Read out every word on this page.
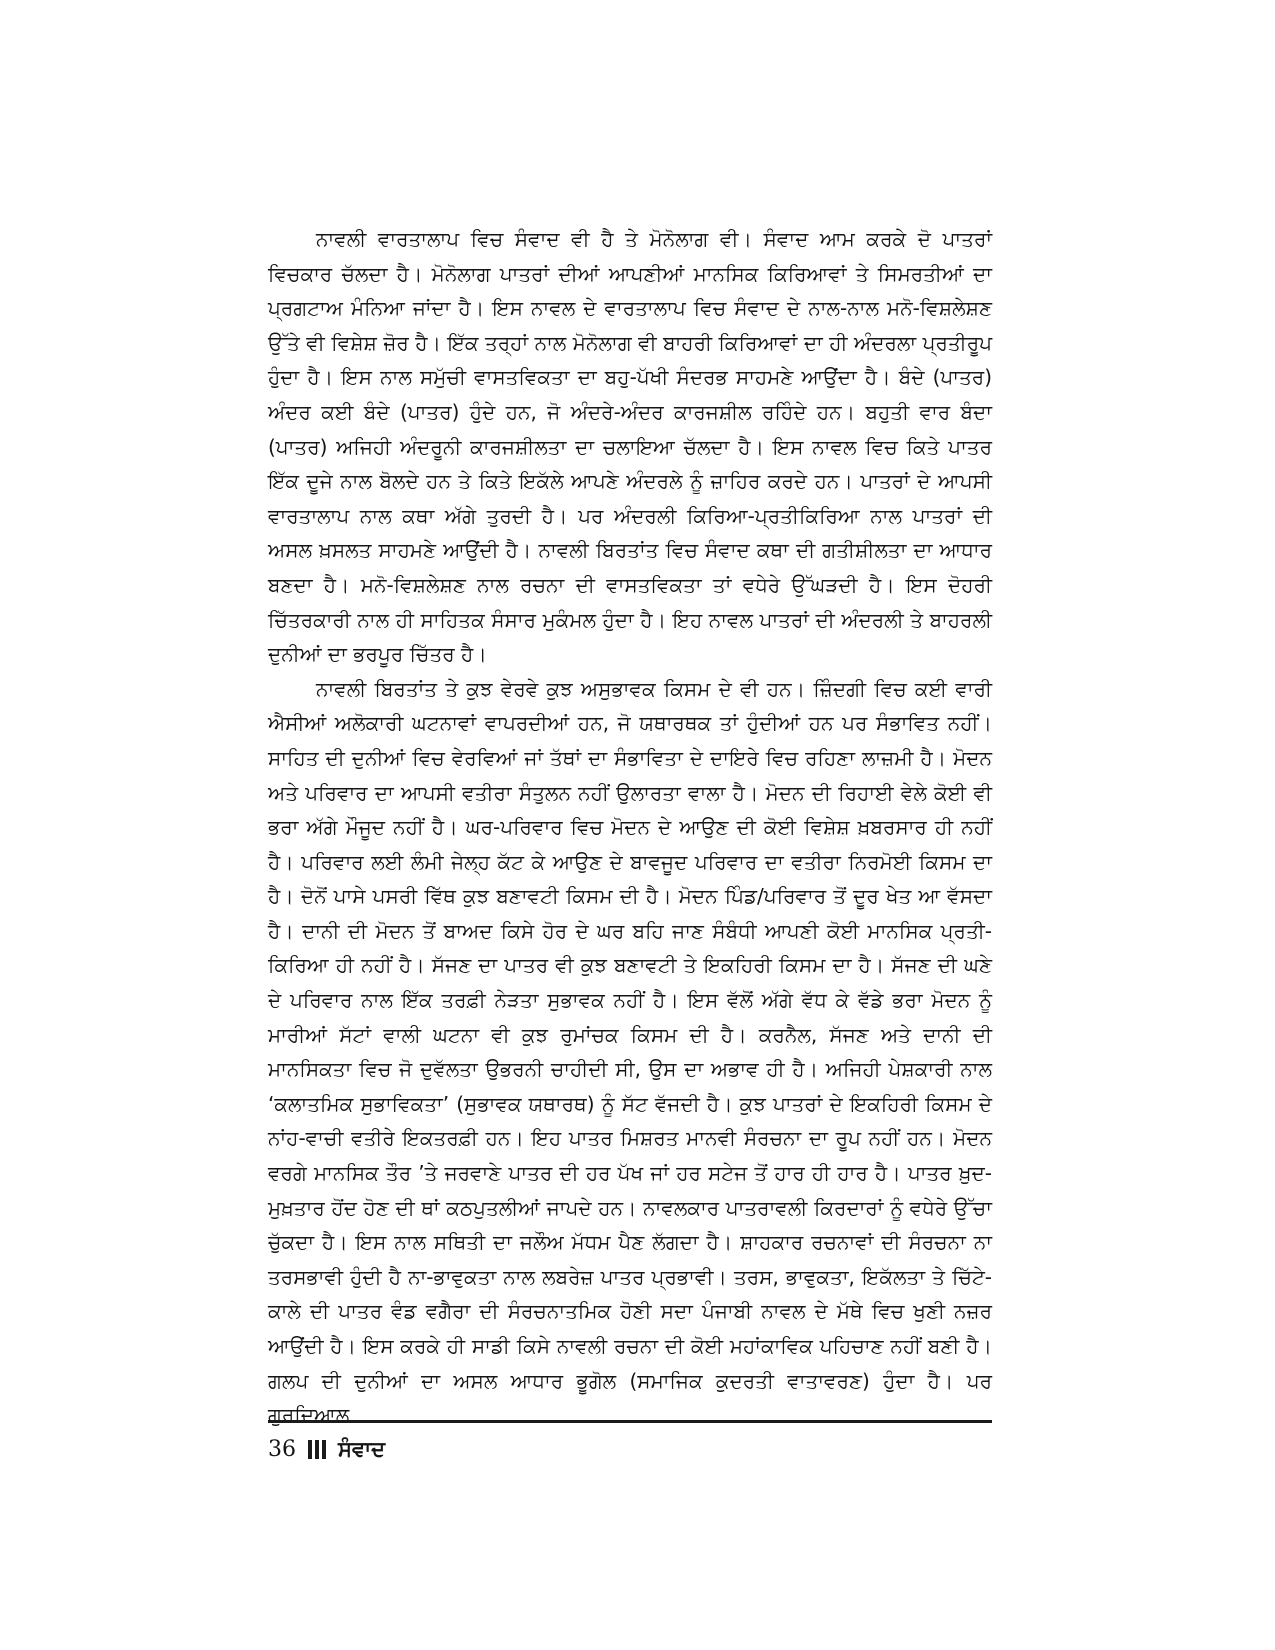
ਨਾਵਲੀ ਵਾਰਤਾਲਾਪ ਵਿਚ ਸੰਵਾਦ ਵੀ ਹੈ ਤੇ ਮੋਨੋਲਾਗ ਵੀ। ਸੰਵਾਦ ਆਮ ਕਰਕੇ ਦੋ ਪਾਤਰਾਂ ਵਿਚਕਾਰ ਚੱਲਦਾ ਹੈ। ਮੋਨੋਲਾਗ ਪਾਤਰਾਂ ਦੀਆਂ ਆਪਣੀਆਂ ਮਾਨਸਿਕ ਕਿਰਿਆਵਾਂ ਤੇ ਸਿਮਰਤੀਆਂ ਦਾ ਪ੍ਰਗਟਾਅ ਮੰਨਿਆ ਜਾਂਦਾ ਹੈ। ਇਸ ਨਾਵਲ ਦੇ ਵਾਰਤਾਲਾਪ ਵਿਚ ਸੰਵਾਦ ਦੇ ਨਾਲ-ਨਾਲ ਮਨੋ-ਵਿਸ਼ਲੇਸ਼ਣ ਉੱਤੇ ਵੀ ਵਿਸ਼ੇਸ਼ ਜ਼ੋਰ ਹੈ। ਇੱਕ ਤਰ੍ਹਾਂ ਨਾਲ ਮੋਨੋਲਾਗ ਵੀ ਬਾਹਰੀ ਕਿਰਿਆਵਾਂ ਦਾ ਹੀ ਅੰਦਰਲਾ ਪ੍ਰਤੀਰੂਪ ਹੁੰਦਾ ਹੈ। ਇਸ ਨਾਲ ਸਮੁੱਚੀ ਵਾਸਤਵਿਕਤਾ ਦਾ ਬਹੁ-ਪੱਖੀ ਸੰਦਰਭ ਸਾਹਮਣੇ ਆਉਂਦਾ ਹੈ। ਬੰਦੇ (ਪਾਤਰ) ਅੰਦਰ ਕਈ ਬੰਦੇ (ਪਾਤਰ) ਹੁੰਦੇ ਹਨ, ਜੋ ਅੰਦਰੇ-ਅੰਦਰ ਕਾਰਜਸ਼ੀਲ ਰਹਿੰਦੇ ਹਨ। ਬਹੁਤੀ ਵਾਰ ਬੰਦਾ (ਪਾਤਰ) ਅਜਿਹੀ ਅੰਦਰੂਨੀ ਕਾਰਜਸ਼ੀਲਤਾ ਦਾ ਚਲਾਇਆ ਚੱਲਦਾ ਹੈ। ਇਸ ਨਾਵਲ ਵਿਚ ਕਿਤੇ ਪਾਤਰ ਇੱਕ ਦੂਜੇ ਨਾਲ ਬੋਲਦੇ ਹਨ ਤੇ ਕਿਤੇ ਇਕੱਲੇ ਆਪਣੇ ਅੰਦਰਲੇ ਨੂੰ ਜ਼ਾਹਿਰ ਕਰਦੇ ਹਨ। ਪਾਤਰਾਂ ਦੇ ਆਪਸੀ ਵਾਰਤਾਲਾਪ ਨਾਲ ਕਥਾ ਅੱਗੇ ਤੁਰਦੀ ਹੈ। ਪਰ ਅੰਦਰਲੀ ਕਿਰਿਆ-ਪ੍ਰਤੀਕਿਰਿਆ ਨਾਲ ਪਾਤਰਾਂ ਦੀ ਅਸਲ ਖ਼ਸਲਤ ਸਾਹਮਣੇ ਆਉਂਦੀ ਹੈ। ਨਾਵਲੀ ਬਿਰਤਾਂਤ ਵਿਚ ਸੰਵਾਦ ਕਥਾ ਦੀ ਗਤੀਸ਼ੀਲਤਾ ਦਾ ਆਧਾਰ ਬਣਦਾ ਹੈ। ਮਨੋ-ਵਿਸ਼ਲੇਸ਼ਣ ਨਾਲ ਰਚਨਾ ਦੀ ਵਾਸਤਵਿਕਤਾ ਤਾਂ ਵਧੇਰੇ ਉੱਘੜਦੀ ਹੈ। ਇਸ ਦੋਹਰੀ ਚਿੱਤਰਕਾਰੀ ਨਾਲ ਹੀ ਸਾਹਿਤਕ ਸੰਸਾਰ ਮੁਕੰਮਲ ਹੁੰਦਾ ਹੈ। ਇਹ ਨਾਵਲ ਪਾਤਰਾਂ ਦੀ ਅੰਦਰਲੀ ਤੇ ਬਾਹਰਲੀ ਦੁਨੀਆਂ ਦਾ ਭਰਪੂਰ ਚਿੱਤਰ ਹੈ।

ਨਾਵਲੀ ਬਿਰਤਾਂਤ ਤੇ ਕੁਝ ਵੇਰਵੇ ਕੁਝ ਅਸੁਭਾਵਕ ਕਿਸਮ ਦੇ ਵੀ ਹਨ। ਜ਼ਿੰਦਗੀ ਵਿਚ ਕਈ ਵਾਰੀ ਐਸੀਆਂ ਅਲੋਕਾਰੀ ਘਟਨਾਵਾਂ ਵਾਪਰਦੀਆਂ ਹਨ, ਜੋ ਯਥਾਰਥਕ ਤਾਂ ਹੁੰਦੀਆਂ ਹਨ ਪਰ ਸੰਭਾਵਿਤ ਨਹੀਂ। ਸਾਹਿਤ ਦੀ ਦੁਨੀਆਂ ਵਿਚ ਵੇਰਵਿਆਂ ਜਾਂ ਤੱਥਾਂ ਦਾ ਸੰਭਾਵਿਤਾ ਦੇ ਦਾਇਰੇ ਵਿਚ ਰਹਿਣਾ ਲਾਜ਼ਮੀ ਹੈ। ਮੋਦਨ ਅਤੇ ਪਰਿਵਾਰ ਦਾ ਆਪਸੀ ਵਤੀਰਾ ਸੰਤੁਲਨ ਨਹੀਂ ਉਲਾਰਤਾ ਵਾਲਾ ਹੈ। ਮੋਦਨ ਦੀ ਰਿਹਾਈ ਵੇਲੇ ਕੋਈ ਵੀ ਭਰਾ ਅੱਗੇ ਮੌਜੂਦ ਨਹੀਂ ਹੈ। ਘਰ-ਪਰਿਵਾਰ ਵਿਚ ਮੋਦਨ ਦੇ ਆਉਣ ਦੀ ਕੋਈ ਵਿਸ਼ੇਸ਼ ਖ਼ਬਰਸਾਰ ਹੀ ਨਹੀਂ ਹੈ। ਪਰਿਵਾਰ ਲਈ ਲੰਮੀ ਜੇਲ੍ਹ ਕੱਟ ਕੇ ਆਉਣ ਦੇ ਬਾਵਜੂਦ ਪਰਿਵਾਰ ਦਾ ਵਤੀਰਾ ਨਿਰਮੋਈ ਕਿਸਮ ਦਾ ਹੈ। ਦੋਨੋਂ ਪਾਸੇ ਪਸਰੀ ਵਿੱਥ ਕੁਝ ਬਣਾਵਟੀ ਕਿਸਮ ਦੀ ਹੈ। ਮੋਦਨ ਪਿੰਡ/ਪਰਿਵਾਰ ਤੋਂ ਦੂਰ ਖੇਤ ਆ ਵੱਸਦਾ ਹੈ। ਦਾਨੀ ਦੀ ਮੋਦਨ ਤੋਂ ਬਾਅਦ ਕਿਸੇ ਹੋਰ ਦੇ ਘਰ ਬਹਿ ਜਾਣ ਸੰਬੰਧੀ ਆਪਣੀ ਕੋਈ ਮਾਨਸਿਕ ਪ੍ਰਤੀ-ਕਿਰਿਆ ਹੀ ਨਹੀਂ ਹੈ। ਸੱਜਣ ਦਾ ਪਾਤਰ ਵੀ ਕੁਝ ਬਣਾਵਟੀ ਤੇ ਇਕਹਿਰੀ ਕਿਸਮ ਦਾ ਹੈ। ਸੱਜਣ ਦੀ ਘਣੇ ਦੇ ਪਰਿਵਾਰ ਨਾਲ ਇੱਕ ਤਰਫ਼ੀ ਨੇੜਤਾ ਸੁਭਾਵਕ ਨਹੀਂ ਹੈ। ਇਸ ਵੱਲੋਂ ਅੱਗੇ ਵੱਧ ਕੇ ਵੱਡੇ ਭਰਾ ਮੋਦਨ ਨੂੰ ਮਾਰੀਆਂ ਸੱਟਾਂ ਵਾਲੀ ਘਟਨਾ ਵੀ ਕੁਝ ਰੁਮਾਂਚਕ ਕਿਸਮ ਦੀ ਹੈ। ਕਰਨੈਲ, ਸੱਜਣ ਅਤੇ ਦਾਨੀ ਦੀ ਮਾਨਸਿਕਤਾ ਵਿਚ ਜੋ ਦੁਵੱਲਤਾ ਉਭਰਨੀ ਚਾਹੀਦੀ ਸੀ, ਉਸ ਦਾ ਅਭਾਵ ਹੀ ਹੈ। ਅਜਿਹੀ ਪੇਸ਼ਕਾਰੀ ਨਾਲ ‘ਕਲਾਤਮਿਕ ਸੁਭਾਵਿਕਤਾ’ (ਸੁਭਾਵਕ ਯਥਾਰਥ) ਨੂੰ ਸੱਟ ਵੱਜਦੀ ਹੈ। ਕੁਝ ਪਾਤਰਾਂ ਦੇ ਇਕਹਿਰੀ ਕਿਸਮ ਦੇ ਨਾਂਹ-ਵਾਚੀ ਵਤੀਰੇ ਇਕਤਰਫ਼ੀ ਹਨ। ਇਹ ਪਾਤਰ ਮਿਸ਼ਰਤ ਮਾਨਵੀ ਸੰਰਚਨਾ ਦਾ ਰੂਪ ਨਹੀਂ ਹਨ। ਮੋਦਨ ਵਰਗੇ ਮਾਨਸਿਕ ਤੌਰ ’ਤੇ ਜਰਵਾਣੇ ਪਾਤਰ ਦੀ ਹਰ ਪੱਖ ਜਾਂ ਹਰ ਸਟੇਜ ਤੋਂ ਹਾਰ ਹੀ ਹਾਰ ਹੈ। ਪਾਤਰ ਖ਼ੁਦ-ਮੁਖ਼ਤਾਰ ਹੋਂਦ ਹੋਣ ਦੀ ਥਾਂ ਕਠਪੁਤਲੀਆਂ ਜਾਪਦੇ ਹਨ। ਨਾਵਲਕਾਰ ਪਾਤਰਾਵਲੀ ਕਿਰਦਾਰਾਂ ਨੂੰ ਵਧੇਰੇ ਉੱਚਾ ਚੁੱਕਦਾ ਹੈ। ਇਸ ਨਾਲ ਸਥਿਤੀ ਦਾ ਜਲੌਅ ਮੱਧਮ ਪੈਣ ਲੱਗਦਾ ਹੈ। ਸ਼ਾਹਕਾਰ ਰਚਨਾਵਾਂ ਦੀ ਸੰਰਚਨਾ ਨਾ ਤਰਸਭਾਵੀ ਹੁੰਦੀ ਹੈ ਨਾ-ਭਾਵੁਕਤਾ ਨਾਲ ਲਬਰੇਜ਼ ਪਾਤਰ ਪ੍ਰਭਾਵੀ। ਤਰਸ, ਭਾਵੁਕਤਾ, ਇਕੱਲਤਾ ਤੇ ਚਿੱਟੇ-ਕਾਲੇ ਦੀ ਪਾਤਰ ਵੰਡ ਵਗੈਰਾ ਦੀ ਸੰਰਚਨਾਤਮਿਕ ਹੋਣੀ ਸਦਾ ਪੰਜਾਬੀ ਨਾਵਲ ਦੇ ਮੱਥੇ ਵਿਚ ਖੁਣੀ ਨਜ਼ਰ ਆਉਂਦੀ ਹੈ। ਇਸ ਕਰਕੇ ਹੀ ਸਾਡੀ ਕਿਸੇ ਨਾਵਲੀ ਰਚਨਾ ਦੀ ਕੋਈ ਮਹਾਂਕਾਵਿਕ ਪਹਿਚਾਣ ਨਹੀਂ ਬਣੀ ਹੈ। ਗਲਪ ਦੀ ਦੁਨੀਆਂ ਦਾ ਅਸਲ ਆਧਾਰ ਭੂਗੋਲ (ਸਮਾਜਿਕ ਕੁਦਰਤੀ ਵਾਤਾਵਰਣ) ਹੁੰਦਾ ਹੈ। ਪਰ ਗੁਰਦਿਆਲ

36 ਸੰਵਾਦ
